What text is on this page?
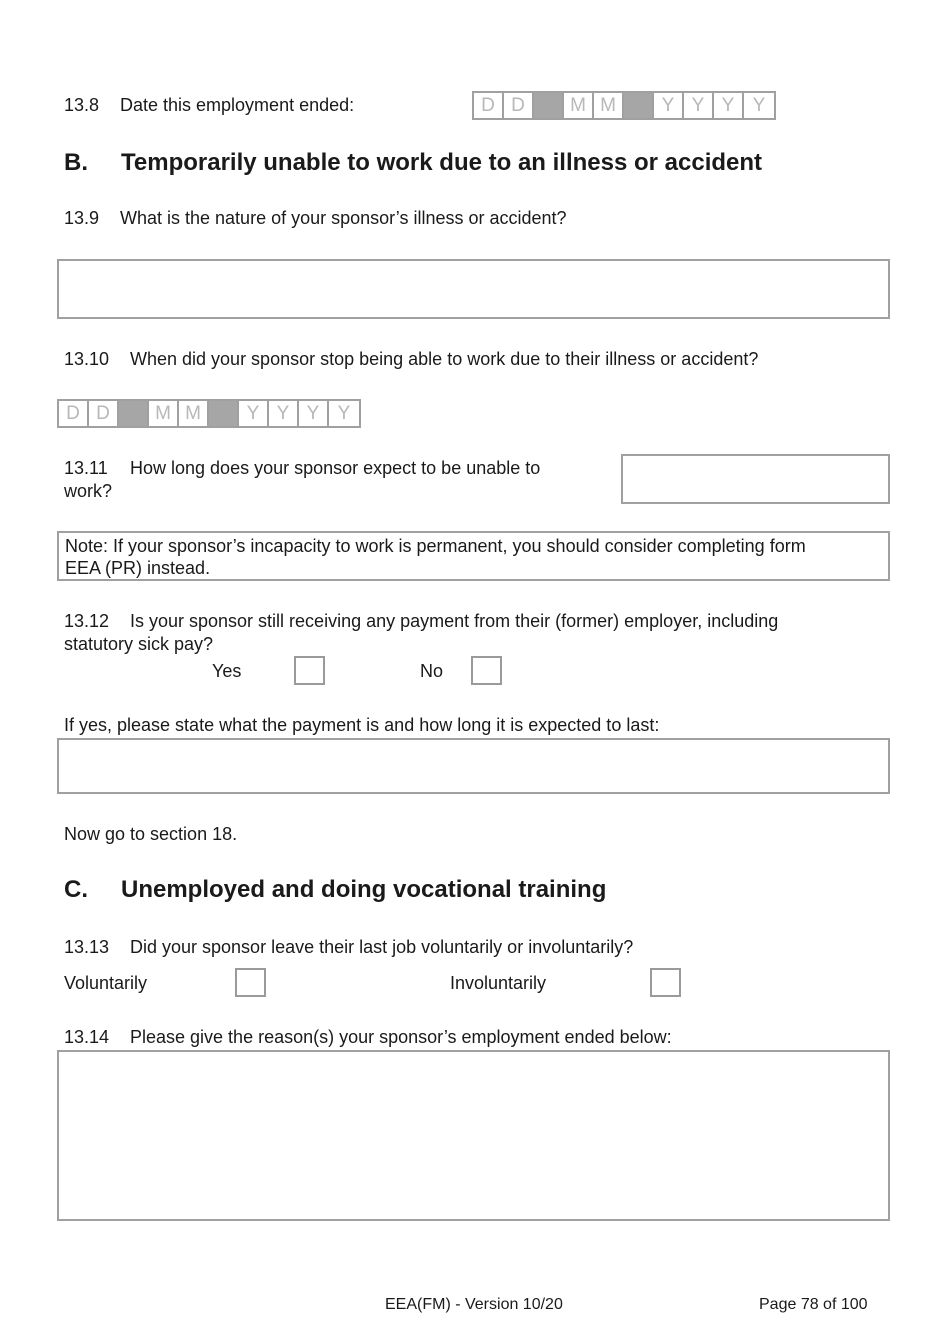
13.8 Date this employment ended:	D D	M M	Y Y Y Y
B. Temporarily unable to work due to an illness or accident
13.9 What is the nature of your sponsor’s illness or accident?
13.10 When did your sponsor stop being able to work due to their illness or accident?
D D	M M	Y Y Y Y
13.11 How long does your sponsor expect to be unable to
work?
Note: If your sponsor’s incapacity to work is permanent, you should consider completing form
EEA (PR) instead.
13.12 Is your sponsor still receiving any payment from their (former) employer, including
statutory sick pay?
Yes	No
If yes, please state what the payment is and how long it is expected to last:
Now go to section 18.
C. Unemployed and doing vocational training
13.13 Did your sponsor leave their last job voluntarily or involuntarily?
Voluntarily	Involuntarily
13.14 Please give the reason(s) your sponsor’s employment ended below:
EEA(FM) - Version 10/20	Page 78 of 100
